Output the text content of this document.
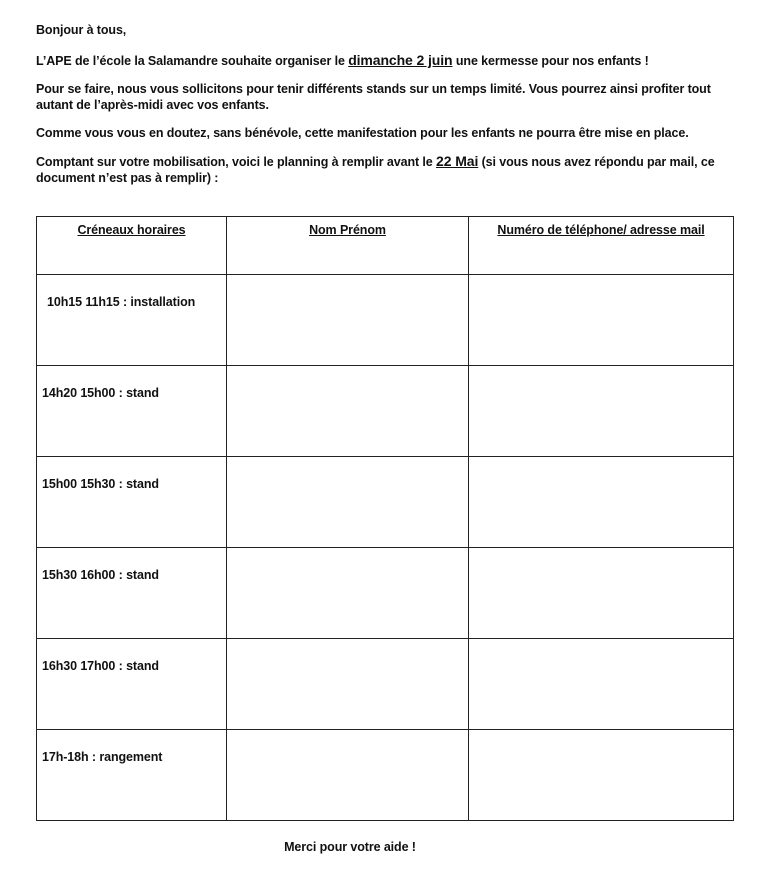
Bonjour à tous,

L’APE de l’école la Salamandre souhaite organiser le dimanche 2 juin une kermesse pour nos enfants !

Pour se faire, nous vous sollicitons pour tenir différents stands sur un temps limité. Vous pourrez ainsi profiter tout
autant de l’après-midi avec vos enfants.

Comme vous vous en doutez, sans bénévole, cette manifestation pour les enfants ne pourra être mise en place.

Comptant sur votre mobilisation, voici le planning à remplir avant le 22 Mai (si vous nous avez répondu par mail, ce
document n’est pas à remplir) :

Créneaux horaires	Nom Prénom	Numéro de téléphone/ adresse mail

10h15 11h15 : installation		

14h20 15h00 : stand		

15h00 15h30 : stand		

15h30 16h00 : stand		

16h30 17h00 : stand		

17h-18h : rangement		

Merci pour votre aide !
